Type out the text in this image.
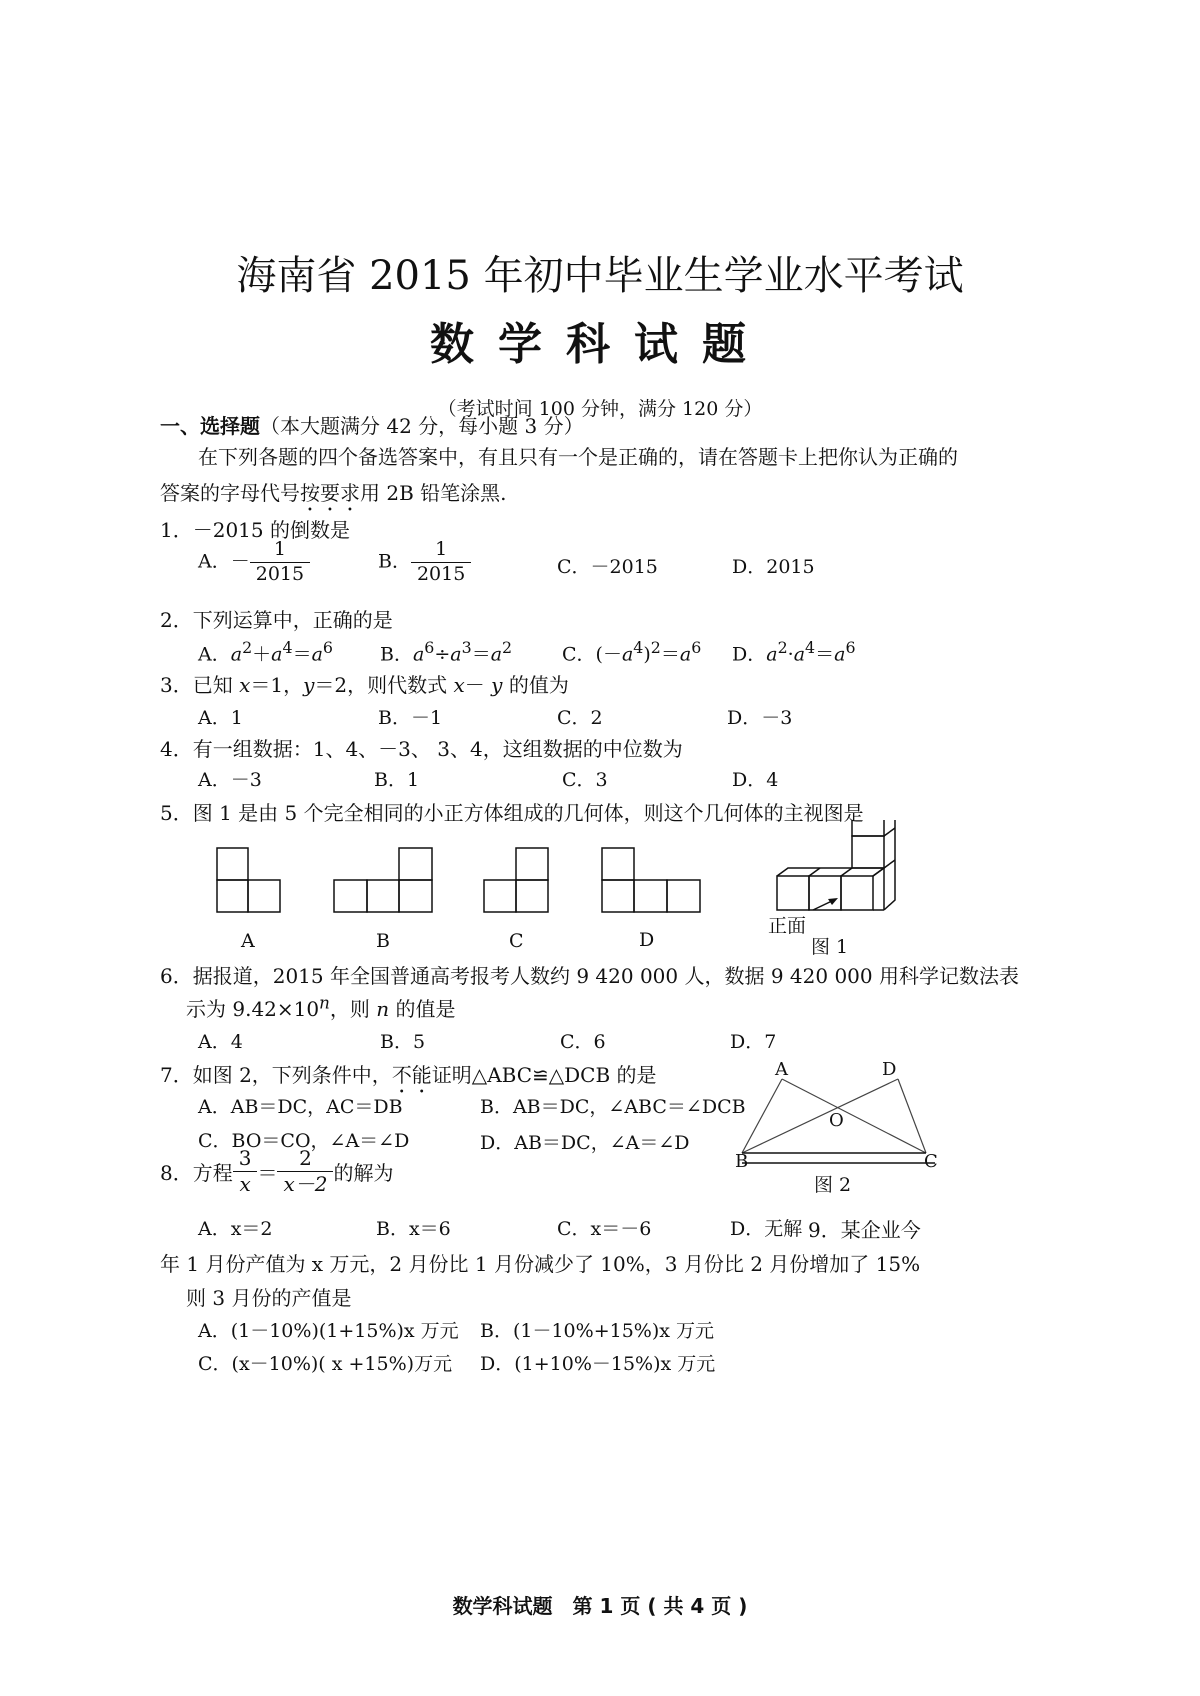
海南省 2015 年初中毕业生学业水平考试
数学科试题
（考试时间 100 分钟，满分 120 分）
一、选择题（本大题满分 42 分，每小题 3 分）
在下列各题的四个备选答案中，有且只有一个是正确的，请在答题卡上把你认为正确的
答案的字母代号按要求用 2B 铅笔涂黑.
1．－2015 的倒数是
A．－ $\frac{1}{2015}$	B． $\frac{1}{2015}$	C．－2015	D．2015
2．下列运算中，正确的是
A．$a^2+a^4=a^6$ B．$a^6\div a^3=a^2$	C．$(-a^4)^2=a^6$ D．$a^2\cdot a^4=a^6$
3．已知 x＝1，y＝2，则代数式 x－ y 的值为
A．1	B．－1	C．2	D．－3
4．有一组数据：1、4、－3、 3、4，这组数据的中位数为
A．－3	B．1	C．3	D．4
5．图 1 是由 5 个完全相同的小正方体组成的几何体，则这个几何体的主视图是
A	B	C	D
正面
图 1
6．据报道，2015 年全国普通高考报考人数约 9 420 000 人，数据 9 420 000 用科学记数法表
示为 $9.42\times 10^n$，则 n 的值是
A．4	B．5	C．6	D．7
7．如图 2，下列条件中，不能证明△ABC≌△DCB 的是
A．AB＝DC，AC＝DB	B．AB＝DC，∠ABC＝∠DCB
C．BO＝CO，∠A＝∠D	D．AB＝DC，∠A＝∠D
A	D
O
B	C
图 2
8．方程 $\frac{3}{x} = \frac{2}{x-2}$ 的解为
A．x＝2	B．x＝6	C．x＝－6	D．无解 9．某企业今
年 1 月份产值为 x 万元，2 月份比 1 月份减少了 10%，3 月份比 2 月份增加了 15%
则 3 月份的产值是
A．(1－10%)(1+15%)x 万元 B．(1－10%+15%)x 万元
C．(x－10%)( x +15%)万元 D．(1+10%－15%)x 万元
数学科试题　第 1 页 ( 共 4 页 )
